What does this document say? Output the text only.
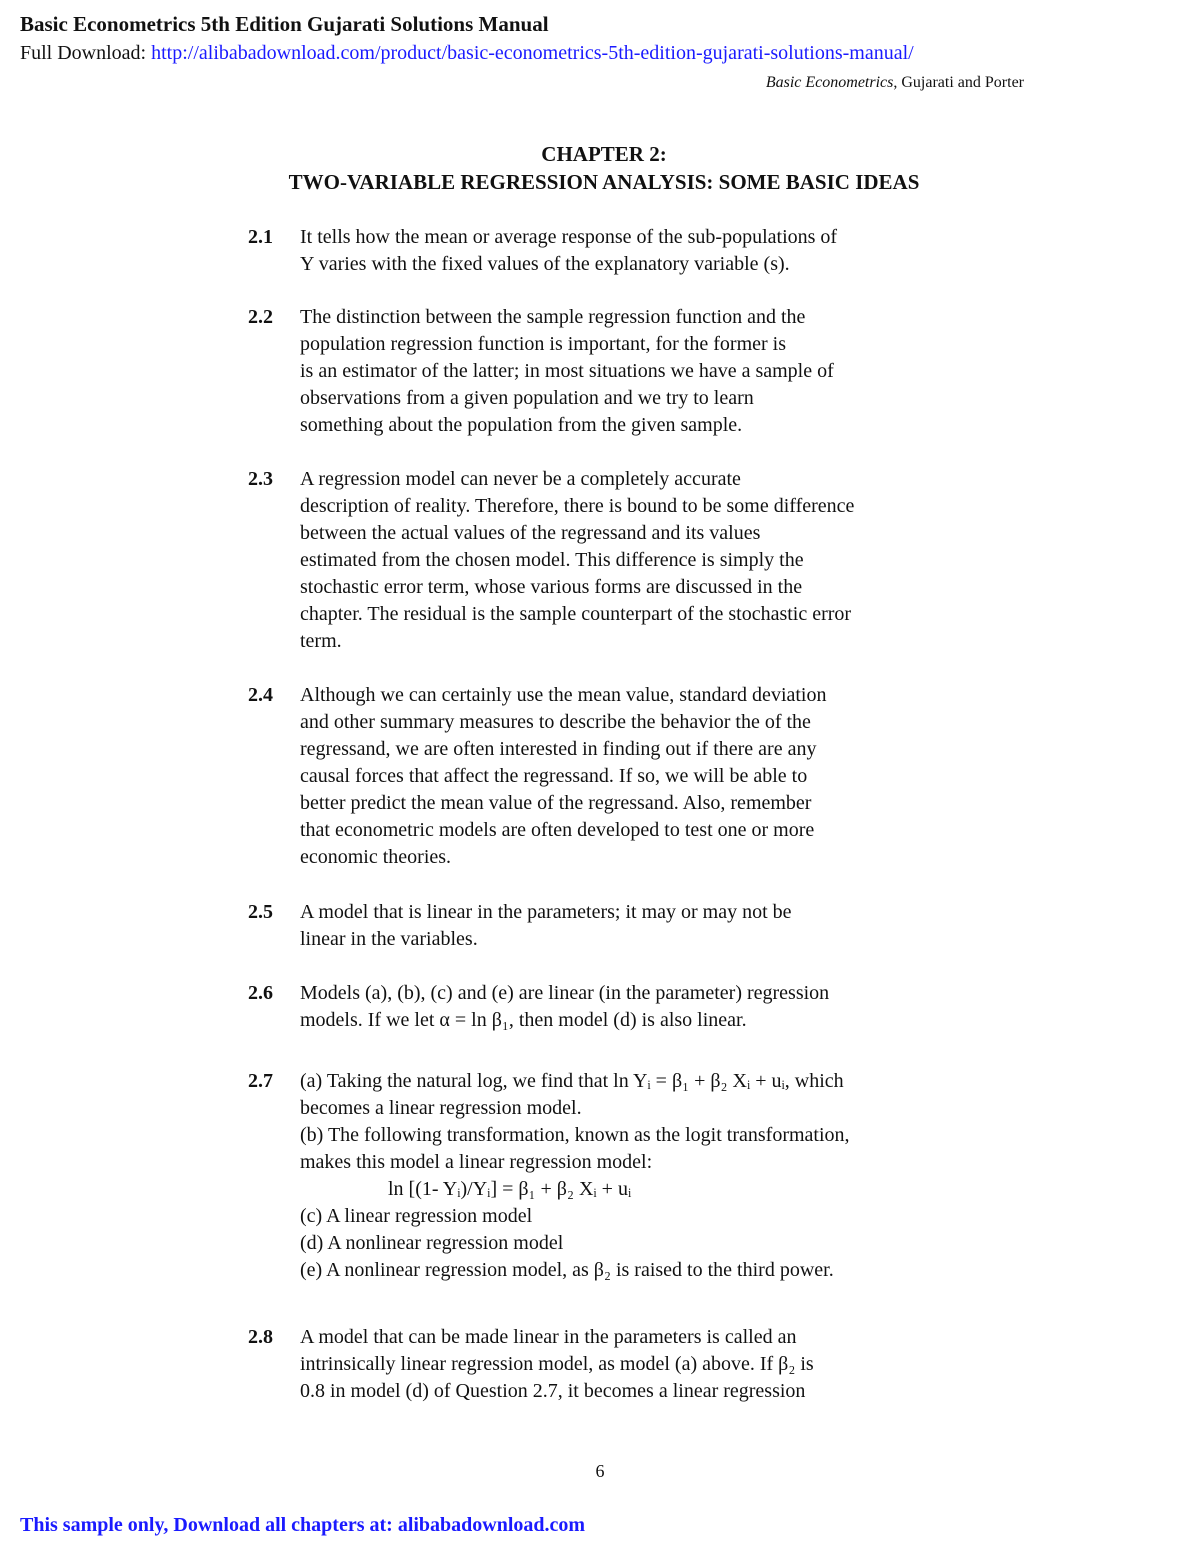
Basic Econometrics 5th Edition Gujarati Solutions Manual
Full Download: http://alibabadownload.com/product/basic-econometrics-5th-edition-gujarati-solutions-manual/
Basic Econometrics, Gujarati and Porter
CHAPTER 2:
TWO-VARIABLE REGRESSION ANALYSIS: SOME BASIC IDEAS
2.1 It tells how the mean or average response of the sub-populations of
Y varies with the fixed values of the explanatory variable (s).
2.2 The distinction between the sample regression function and the
population regression function is important, for the former is
is an estimator of the latter; in most situations we have a sample of
observations from a given population and we try to learn
something about the population from the given sample.
2.3 A regression model can never be a completely accurate
description of reality. Therefore, there is bound to be some difference
between the actual values of the regressand and its values
estimated from the chosen model. This difference is simply the
stochastic error term, whose various forms are discussed in the
chapter. The residual is the sample counterpart of the stochastic error
term.
2.4 Although we can certainly use the mean value, standard deviation
and other summary measures to describe the behavior the of the
regressand, we are often interested in finding out if there are any
causal forces that affect the regressand. If so, we will be able to
better predict the mean value of the regressand. Also, remember
that econometric models are often developed to test one or more
economic theories.
2.5 A model that is linear in the parameters; it may or may not be
linear in the variables.
2.6 Models (a), (b), (c) and (e) are linear (in the parameter) regression
models. If we let α = ln β₁, then model (d) is also linear.
2.7 (a) Taking the natural log, we find that ln Yᵢ = β₁ + β₂ Xᵢ + uᵢ, which
becomes a linear regression model.
(b) The following transformation, known as the logit transformation,
makes this model a linear regression model:
ln [(1- Yᵢ)/Yᵢ] = β₁ + β₂ Xᵢ + uᵢ
(c) A linear regression model
(d) A nonlinear regression model
(e) A nonlinear regression model, as β₂ is raised to the third power.
2.8 A model that can be made linear in the parameters is called an
intrinsically linear regression model, as model (a) above. If β₂ is
0.8 in model (d) of Question 2.7, it becomes a linear regression
6
This sample only, Download all chapters at: alibabadownload.com
